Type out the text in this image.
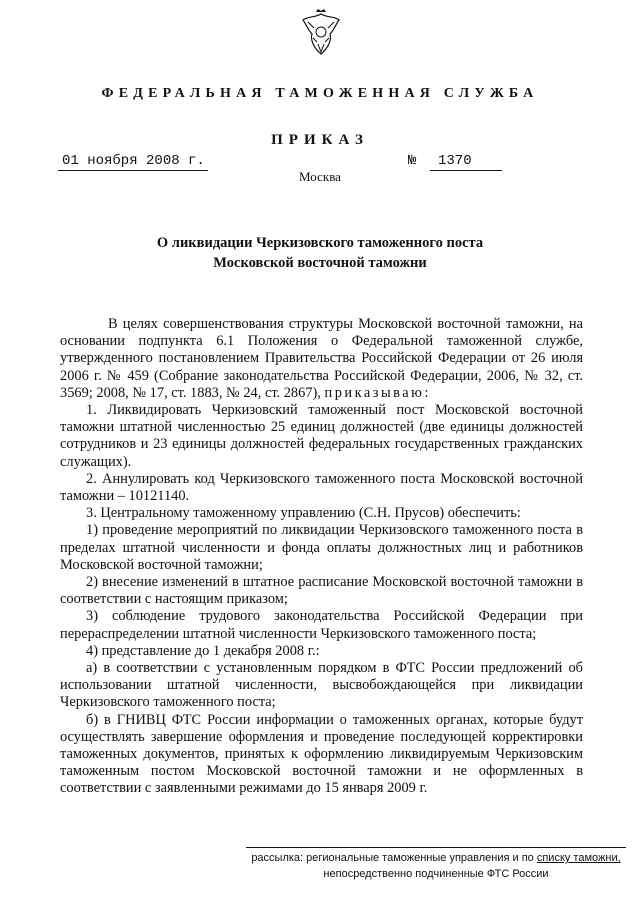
ФЕДЕРАЛЬНАЯ ТАМОЖЕННАЯ СЛУЖБА
ПРИКАЗ
01 ноября 2008 г.	№ 1370
Москва
О ликвидации Черкизовского таможенного поста
Московской восточной таможни

В целях совершенствования структуры Московской восточной таможни, на основании подпункта 6.1 Положения о Федеральной таможенной службе, утвержденного постановлением Правительства Российской Федерации от 26 июля 2006 г. № 459 (Собрание законодательства Российской Федерации, 2006, № 32, ст. 3569; 2008, № 17, ст. 1883, № 24, ст. 2867), приказываю:

1. Ликвидировать Черкизовский таможенный пост Московской восточной таможни штатной численностью 25 единиц должностей (две единицы должностей сотрудников и 23 единицы должностей федеральных государственных гражданских служащих).

2. Аннулировать код Черкизовского таможенного поста Московской восточной таможни – 10121140.

3. Центральному таможенному управлению (С.Н. Прусов) обеспечить:

1) проведение мероприятий по ликвидации Черкизовского таможенного поста в пределах штатной численности и фонда оплаты должностных лиц и работников Московской восточной таможни;

2) внесение изменений в штатное расписание Московской восточной таможни в соответствии с настоящим приказом;

3) соблюдение трудового законодательства Российской Федерации при перераспределении штатной численности Черкизовского таможенного поста;

4) представление до 1 декабря 2008 г.:

а) в соответствии с установленным порядком в ФТС России предложений об использовании штатной численности, высвобождающейся при ликвидации Черкизовского таможенного поста;

б) в ГНИВЦ ФТС России информации о таможенных органах, которые будут осуществлять завершение оформления и проведение последующей корректировки таможенных документов, принятых к оформлению ликвидируемым Черкизовским таможенным постом Московской восточной таможни и не оформленных в соответствии с заявленными режимами до 15 января 2009 г.

рассылка: региональные таможенные управления и по списку таможни,
непосредственно подчиненные ФТС России
